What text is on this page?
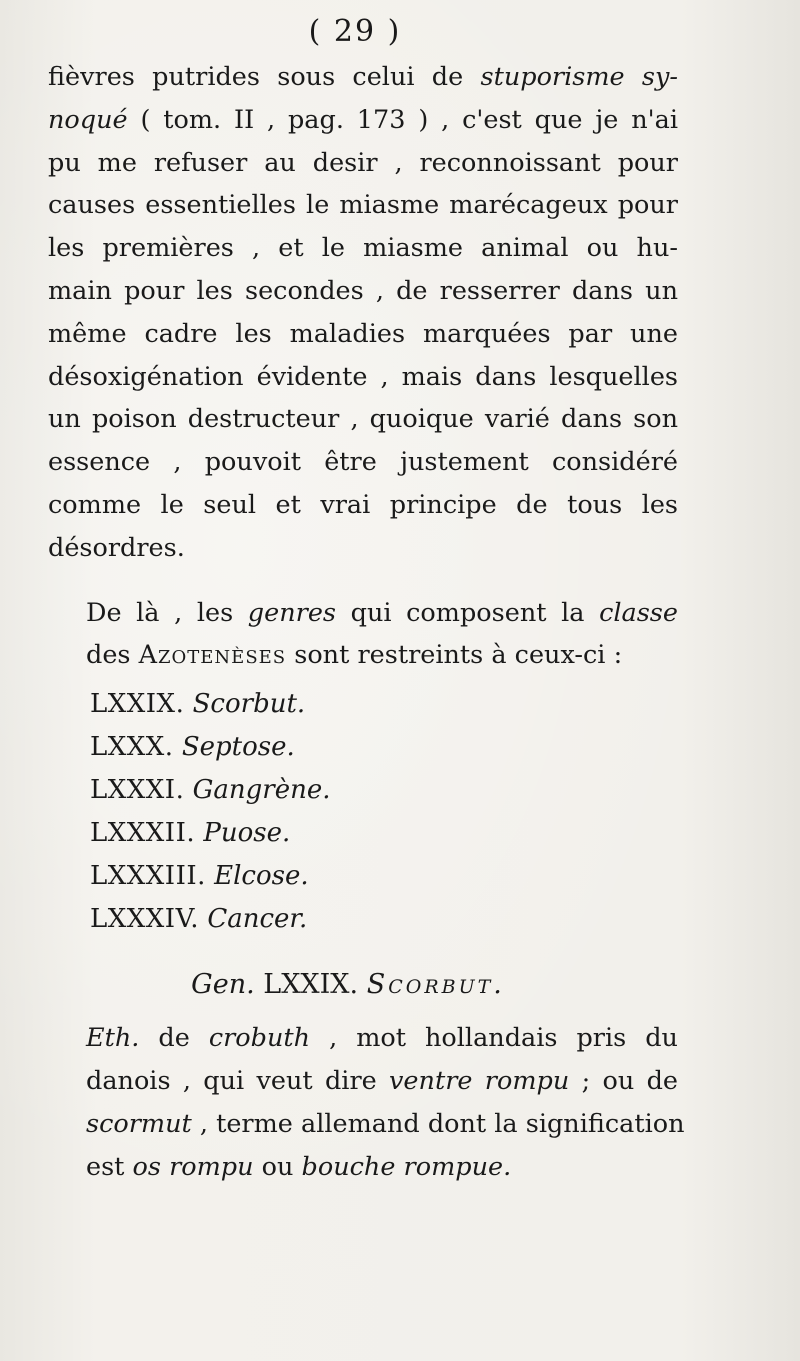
( 29 )

fièvres putrides sous celui de stuporisme sy-
noqué ( tom. II , pag. 173 ) , c'est que je n'ai
pu me refuser au desir , reconnoissant pour
causes essentielles le miasme marécageux pour
les premières , et le miasme animal ou hu-
main pour les secondes , de resserrer dans un
même cadre les maladies marquées par une
désoxigénation évidente , mais dans lesquelles
un poison destructeur , quoique varié dans son
essence , pouvoit être justement considéré
comme le seul et vrai principe de tous les
désordres.

De là , les genres qui composent la classe
des Azotenèses sont restreints à ceux-ci :

LXXIX. Scorbut.
LXXX. Septose.
LXXXI. Gangrène.
LXXXII. Puose.
LXXXIII. Elcose.
LXXXIV. Cancer.
Gen. LXXIX. Scorbut.

Eth. de crobuth , mot hollandais pris du
danois , qui veut dire ventre rompu ; ou de
scormut , terme allemand dont la signification
est os rompu ou bouche rompue.
